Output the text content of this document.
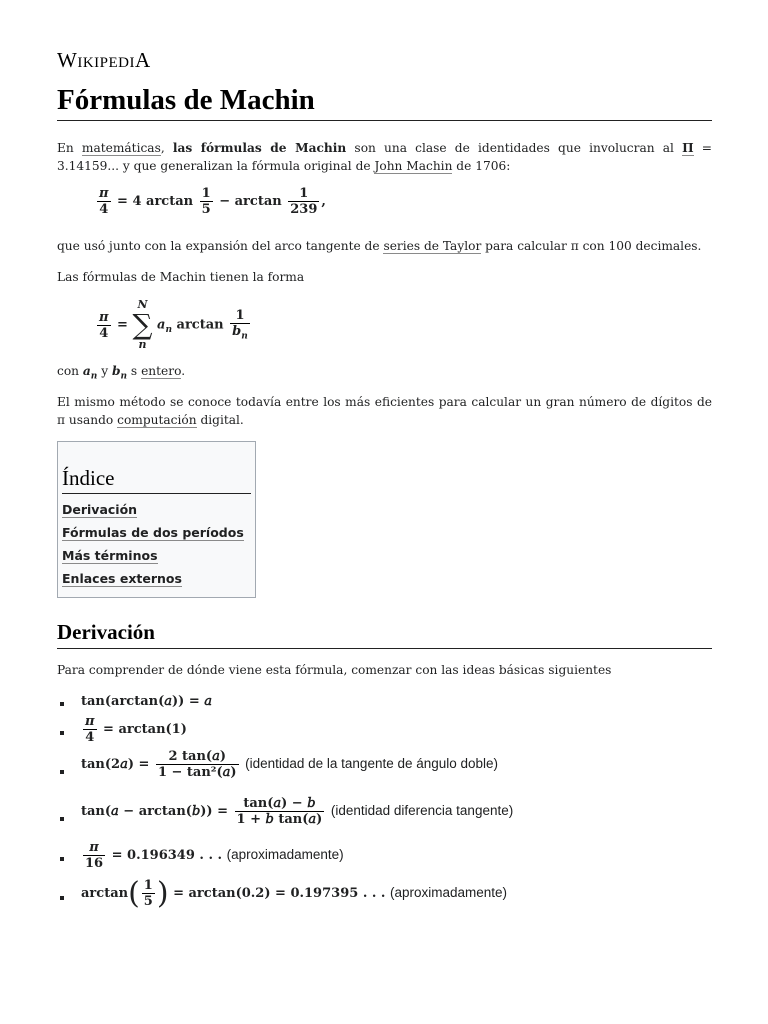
WikipediA
Fórmulas de Machin

En matemáticas, las fórmulas de Machin son una clase de identidades que involucran al Π = 3.14159... y que generalizan la fórmula original de John Machin de 1706:

$\frac{\pi}{4} = 4$ $\arctan \frac{1}{5} - \arctan \frac{1}{239}$ ,

que usó junto con la expansión del arco tangente de series de Taylor para calcular π con 100 decimales.

Las fórmulas de Machin tienen la forma

$\frac{\pi}{4}$ =
N
∑
n
$a_n$ $\arctan \frac{1}{b_n}$

con $a_n$ y $b_n$ s entero.

El mismo método se conoce todavía entre los más eficientes para calcular un gran número de dígitos de π usando computación digital.

Índice
Derivación
Fórmulas de dos períodos
Más términos
Enlaces externos
Derivación

Para comprender de dónde viene esta fórmula, comenzar con las ideas básicas siguientes

tan(arctan(𝑎)) = 𝑎
$\frac{\pi}{4} = \arctan(1)$
tan(2𝑎) = $\frac{\text{2 tan(𝑎)}}{\text{1 − tan²(𝑎)}}$ (identidad de la tangente de ángulo doble)
tan(𝑎 − arctan(𝑏)) = $\frac{\text{tan(𝑎) − 𝑏}}{\text{1 + 𝑏 tan(𝑎)}}$ (identidad diferencia tangente)
$\frac{\pi}{16} = 0.196349$ . . . (aproximadamente)
$\arctan( \frac{1}{5}$ ) = arctan(0.2) = 0.197395 . . . (aproximadamente)
